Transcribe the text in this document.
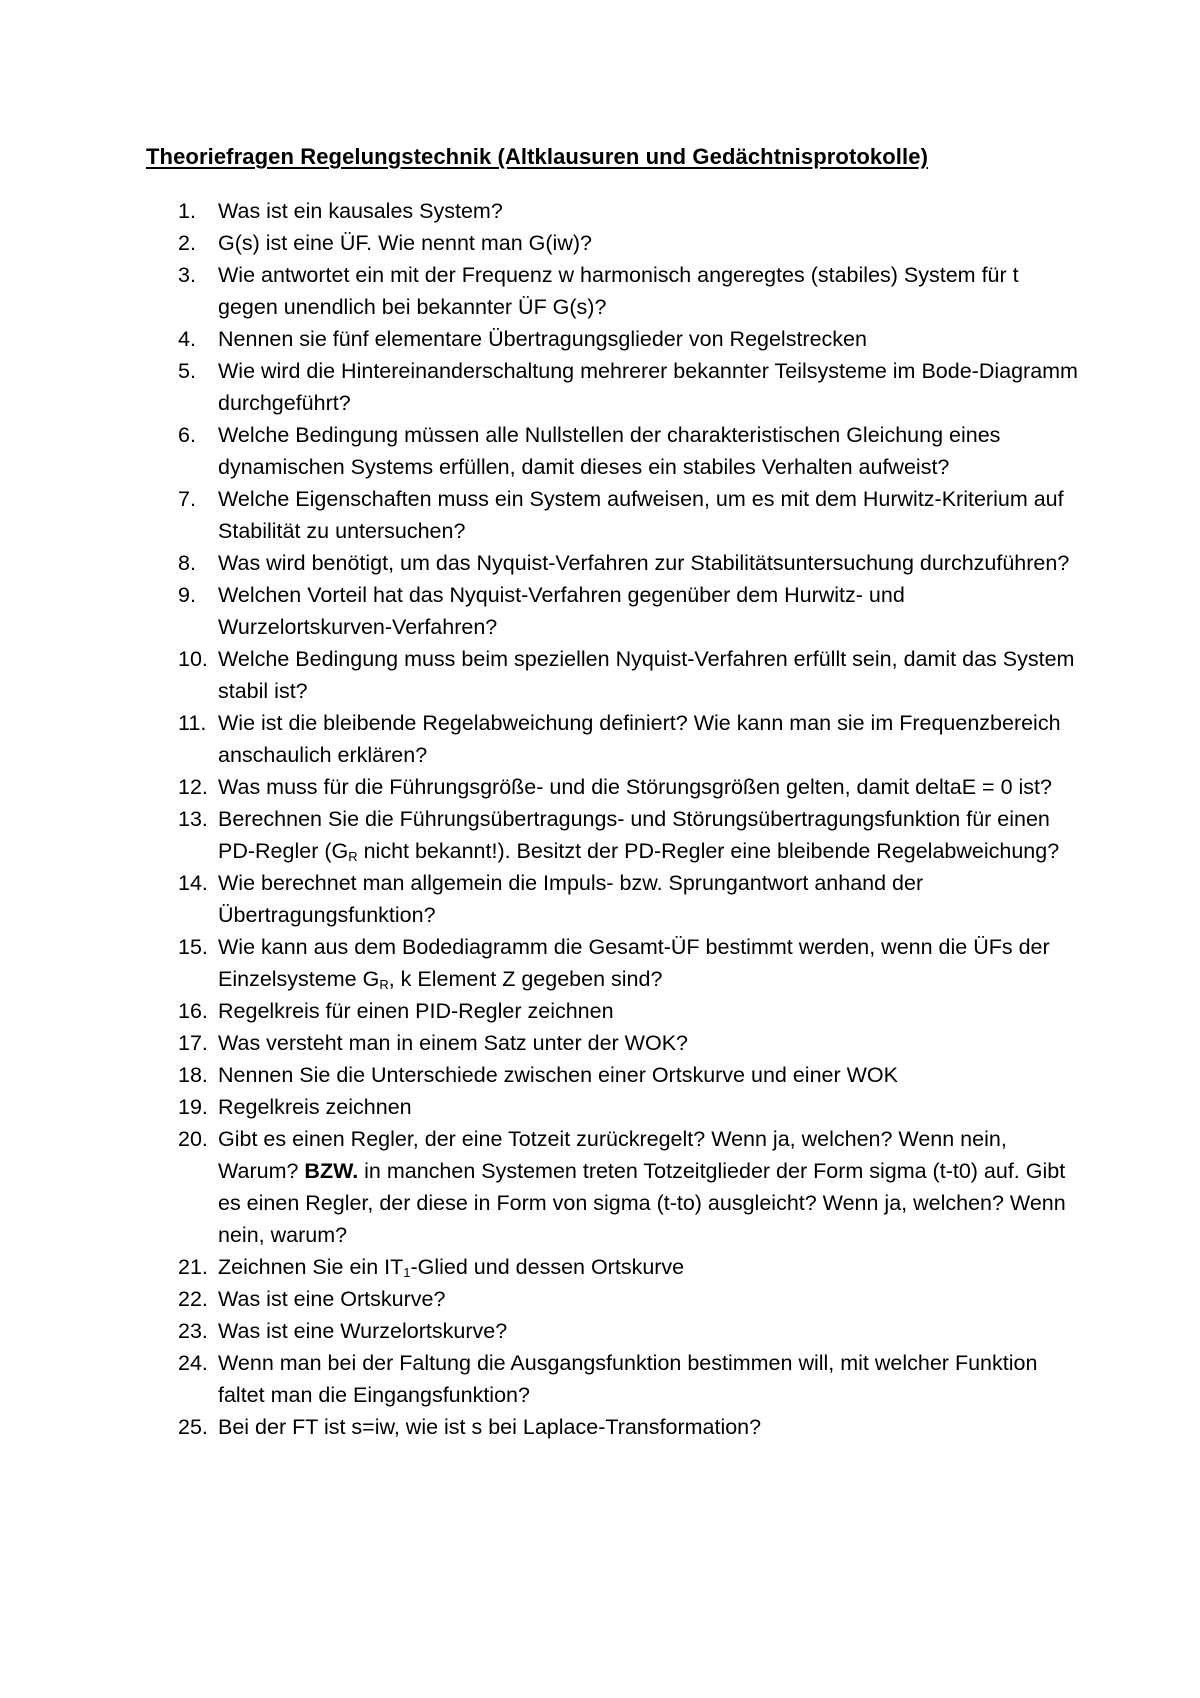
Theoriefragen Regelungstechnik (Altklausuren und Gedächtnisprotokolle)
1. Was ist ein kausales System?
2. G(s) ist eine ÜF. Wie nennt man G(iw)?
3. Wie antwortet ein mit der Frequenz w harmonisch angeregtes (stabiles) System für t gegen unendlich bei bekannter ÜF G(s)?
4. Nennen sie fünf elementare Übertragungsglieder von Regelstrecken
5. Wie wird die Hintereinanderschaltung mehrerer bekannter Teilsysteme im Bode-Diagramm durchgeführt?
6. Welche Bedingung müssen alle Nullstellen der charakteristischen Gleichung eines dynamischen Systems erfüllen, damit dieses ein stabiles Verhalten aufweist?
7. Welche Eigenschaften muss ein System aufweisen, um es mit dem Hurwitz-Kriterium auf Stabilität zu untersuchen?
8. Was wird benötigt, um das Nyquist-Verfahren zur Stabilitätsuntersuchung durchzuführen?
9. Welchen Vorteil hat das Nyquist-Verfahren gegenüber dem Hurwitz- und Wurzelortskurven-Verfahren?
10. Welche Bedingung muss beim speziellen Nyquist-Verfahren erfüllt sein, damit das System stabil ist?
11. Wie ist die bleibende Regelabweichung definiert? Wie kann man sie im Frequenzbereich anschaulich erklären?
12. Was muss für die Führungsgröße- und die Störungsgrößen gelten, damit deltaE = 0 ist?
13. Berechnen Sie die Führungsübertragungs- und Störungsübertragungsfunktion für einen PD-Regler ($G_R$ nicht bekannt!). Besitzt der PD-Regler eine bleibende Regelabweichung?
14. Wie berechnet man allgemein die Impuls- bzw. Sprungantwort anhand der Übertragungsfunktion?
15. Wie kann aus dem Bodediagramm die Gesamt-ÜF bestimmt werden, wenn die ÜFs der Einzelsysteme $G_R$, k Element Z gegeben sind?
16. Regelkreis für einen PID-Regler zeichnen
17. Was versteht man in einem Satz unter der WOK?
18. Nennen Sie die Unterschiede zwischen einer Ortskurve und einer WOK
19. Regelkreis zeichnen
20. Gibt es einen Regler, der eine Totzeit zurückregelt? Wenn ja, welchen? Wenn nein, Warum? BZW. in manchen Systemen treten Totzeitglieder der Form sigma (t-t0) auf. Gibt es einen Regler, der diese in Form von sigma (t-to) ausgleicht? Wenn ja, welchen? Wenn nein, warum?
21. Zeichnen Sie ein $IT_1$-Glied und dessen Ortskurve
22. Was ist eine Ortskurve?
23. Was ist eine Wurzelortskurve?
24. Wenn man bei der Faltung die Ausgangsfunktion bestimmen will, mit welcher Funktion faltet man die Eingangsfunktion?
25. Bei der FT ist s=iw, wie ist s bei Laplace-Transformation?
